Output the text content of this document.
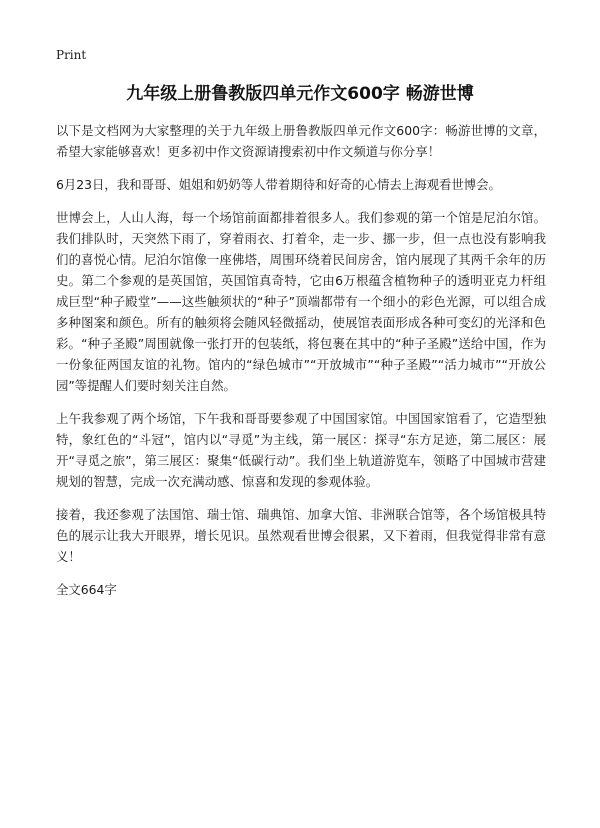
Print
九年级上册鲁教版四单元作文600字 畅游世博

以下是文档网为大家整理的关于九年级上册鲁教版四单元作文600字：畅游世博的文章，希望大家能够喜欢！更多初中作文资源请搜索初中作文频道与你分享！

6月23日，我和哥哥、姐姐和奶奶等人带着期待和好奇的心情去上海观看世博会。

世博会上，人山人海，每一个场馆前面都排着很多人。我们参观的第一个馆是尼泊尔馆。我们排队时，天突然下雨了，穿着雨衣、打着伞，走一步、挪一步，但一点也没有影响我们的喜悦心情。尼泊尔馆像一座佛塔，周围环绕着民间房舍，馆内展现了其两千余年的历史。第二个参观的是英国馆，英国馆真奇特，它由6万根蕴含植物种子的透明亚克力杆组成巨型“种子殿堂”——这些触须状的“种子”顶端都带有一个细小的彩色光源，可以组合成多种图案和颜色。所有的触须将会随风轻微摇动，使展馆表面形成各种可变幻的光泽和色彩。“种子圣殿”周围就像一张打开的包装纸，将包裹在其中的“种子圣殿”送给中国，作为一份象征两国友谊的礼物。馆内的“绿色城市”“开放城市”“种子圣殿”“活力城市”“开放公园”等提醒人们要时刻关注自然。

上午我参观了两个场馆，下午我和哥哥要参观了中国国家馆。中国国家馆看了，它造型独特，象红色的“斗冠”，馆内以“寻觅”为主线，第一展区：探寻“东方足迹，第二展区：展开“寻觅之旅”，第三展区：聚集“低碳行动”。我们坐上轨道游览车，领略了中国城市营建规划的智慧，完成一次充满动感、惊喜和发现的参观体验。

接着，我还参观了法国馆、瑞士馆、瑞典馆、加拿大馆、非洲联合馆等，各个场馆极具特色的展示让我大开眼界，增长见识。虽然观看世博会很累，又下着雨，但我觉得非常有意义！

全文664字
